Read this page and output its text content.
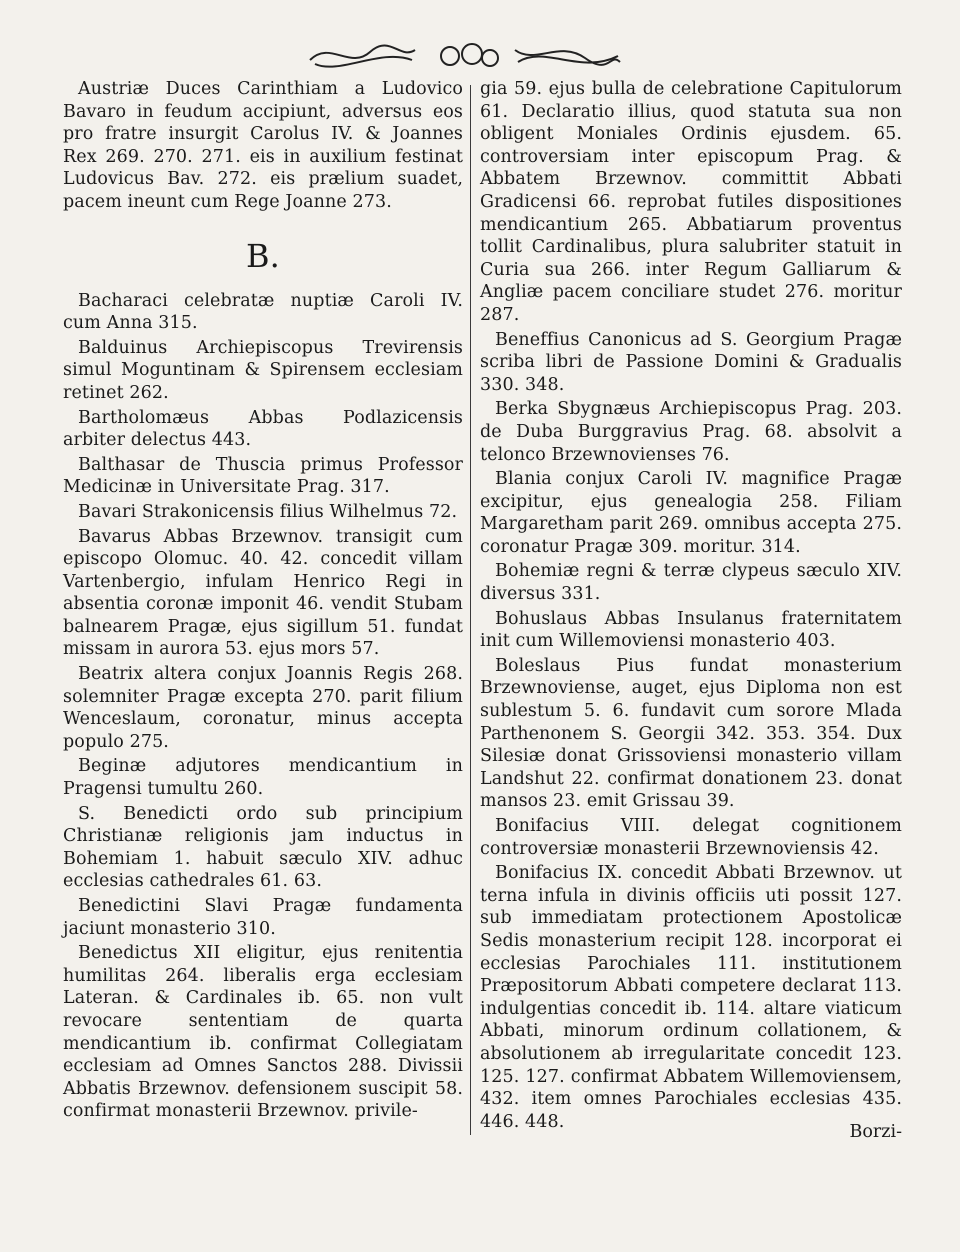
Austriæ Duces Carinthiam a Ludovico Bavaro in feudum accipiunt, adversus eos pro fratre insurgit Carolus IV. & Joannes Rex 269. 270. 271. eis in auxilium festinat Ludovicus Bav. 272. eis prælium suadet, pacem ineunt cum Rege Joanne 273.

B.

Bacharaci celebratæ nuptiæ Caroli IV. cum Anna 315.

Balduinus Archiepiscopus Trevirensis simul Moguntinam & Spirensem ecclesiam retinet 262.

Bartholomæus Abbas Podlazicensis arbiter delectus 443.

Balthasar de Thuscia primus Professor Medicinæ in Universitate Prag. 317.

Bavari Strakonicensis filius Wilhelmus 72.

Bavarus Abbas Brzewnov. transigit cum episcopo Olomuc. 40. 42. concedit villam Vartenbergio, infulam Henrico Regi in absentia coronæ imponit 46. vendit Stubam balnearem Pragæ, ejus sigillum 51. fundat missam in aurora 53. ejus mors 57.

Beatrix altera conjux Joannis Regis 268. solemniter Pragæ excepta 270. parit filium Wenceslaum, coronatur, minus accepta populo 275.

Beginæ adjutores mendicantium in Pragensi tumultu 260.

S. Benedicti ordo sub principium Christianæ religionis jam inductus in Bohemiam 1. habuit sæculo XIV. adhuc ecclesias cathedrales 61. 63.

Benedictini Slavi Pragæ fundamenta jaciunt monasterio 310.

Benedictus XII eligitur, ejus renitentia humilitas 264. liberalis erga ecclesiam Lateran. & Cardinales ib. 65. non vult revocare sententiam de quarta mendicantium ib. confirmat Collegiatam ecclesiam ad Omnes Sanctos 288. Divissii Abbatis Brzewnov. defensionem suscipit 58. confirmat monasterii Brzewnov. privile-

gia 59. ejus bulla de celebratione Capitulorum 61. Declaratio illius, quod statuta sua non obligent Moniales Ordinis ejusdem. 65. controversiam inter episcopum Prag. & Abbatem Brzewnov. committit Abbati Gradicensi 66. reprobat futiles dispositiones mendicantium 265. Abbatiarum proventus tollit Cardinalibus, plura salubriter statuit in Curia sua 266. inter Regum Galliarum & Angliæ pacem conciliare studet 276. moritur 287.

Beneffius Canonicus ad S. Georgium Pragæ scriba libri de Passione Domini & Gradualis 330. 348.

Berka Sbygnæus Archiepiscopus Prag. 203. de Duba Burggravius Prag. 68. absolvit a telonco Brzewnovienses 76.

Blania conjux Caroli IV. magnifice Pragæ excipitur, ejus genealogia 258. Filiam Margaretham parit 269. omnibus accepta 275. coronatur Pragæ 309. moritur. 314.

Bohemiæ regni & terræ clypeus sæculo XIV. diversus 331.

Bohuslaus Abbas Insulanus fraternitatem init cum Willemoviensi monasterio 403.

Boleslaus Pius fundat monasterium Brzewnoviense, auget, ejus Diploma non est sublestum 5. 6. fundavit cum sorore Mlada Parthenonem S. Georgii 342. 353. 354. Dux Silesiæ donat Grissoviensi monasterio villam Landshut 22. confirmat donationem 23. donat mansos 23. emit Grissau 39.

Bonifacius VIII. delegat cognitionem controversiæ monasterii Brzewnoviensis 42.

Bonifacius IX. concedit Abbati Brzewnov. ut terna infula in divinis officiis uti possit 127. sub immediatam protectionem Apostolicæ Sedis monasterium recipit 128. incorporat ei ecclesias Parochiales 111. institutionem Præpositorum Abbati competere declarat 113. indulgentias concedit ib. 114. altare viaticum Abbati, minorum ordinum collationem, & absolutionem ab irregularitate concedit 123. 125. 127. confirmat Abbatem Willemoviensem, 432. item omnes Parochiales ecclesias 435. 446. 448.

Borzi-
